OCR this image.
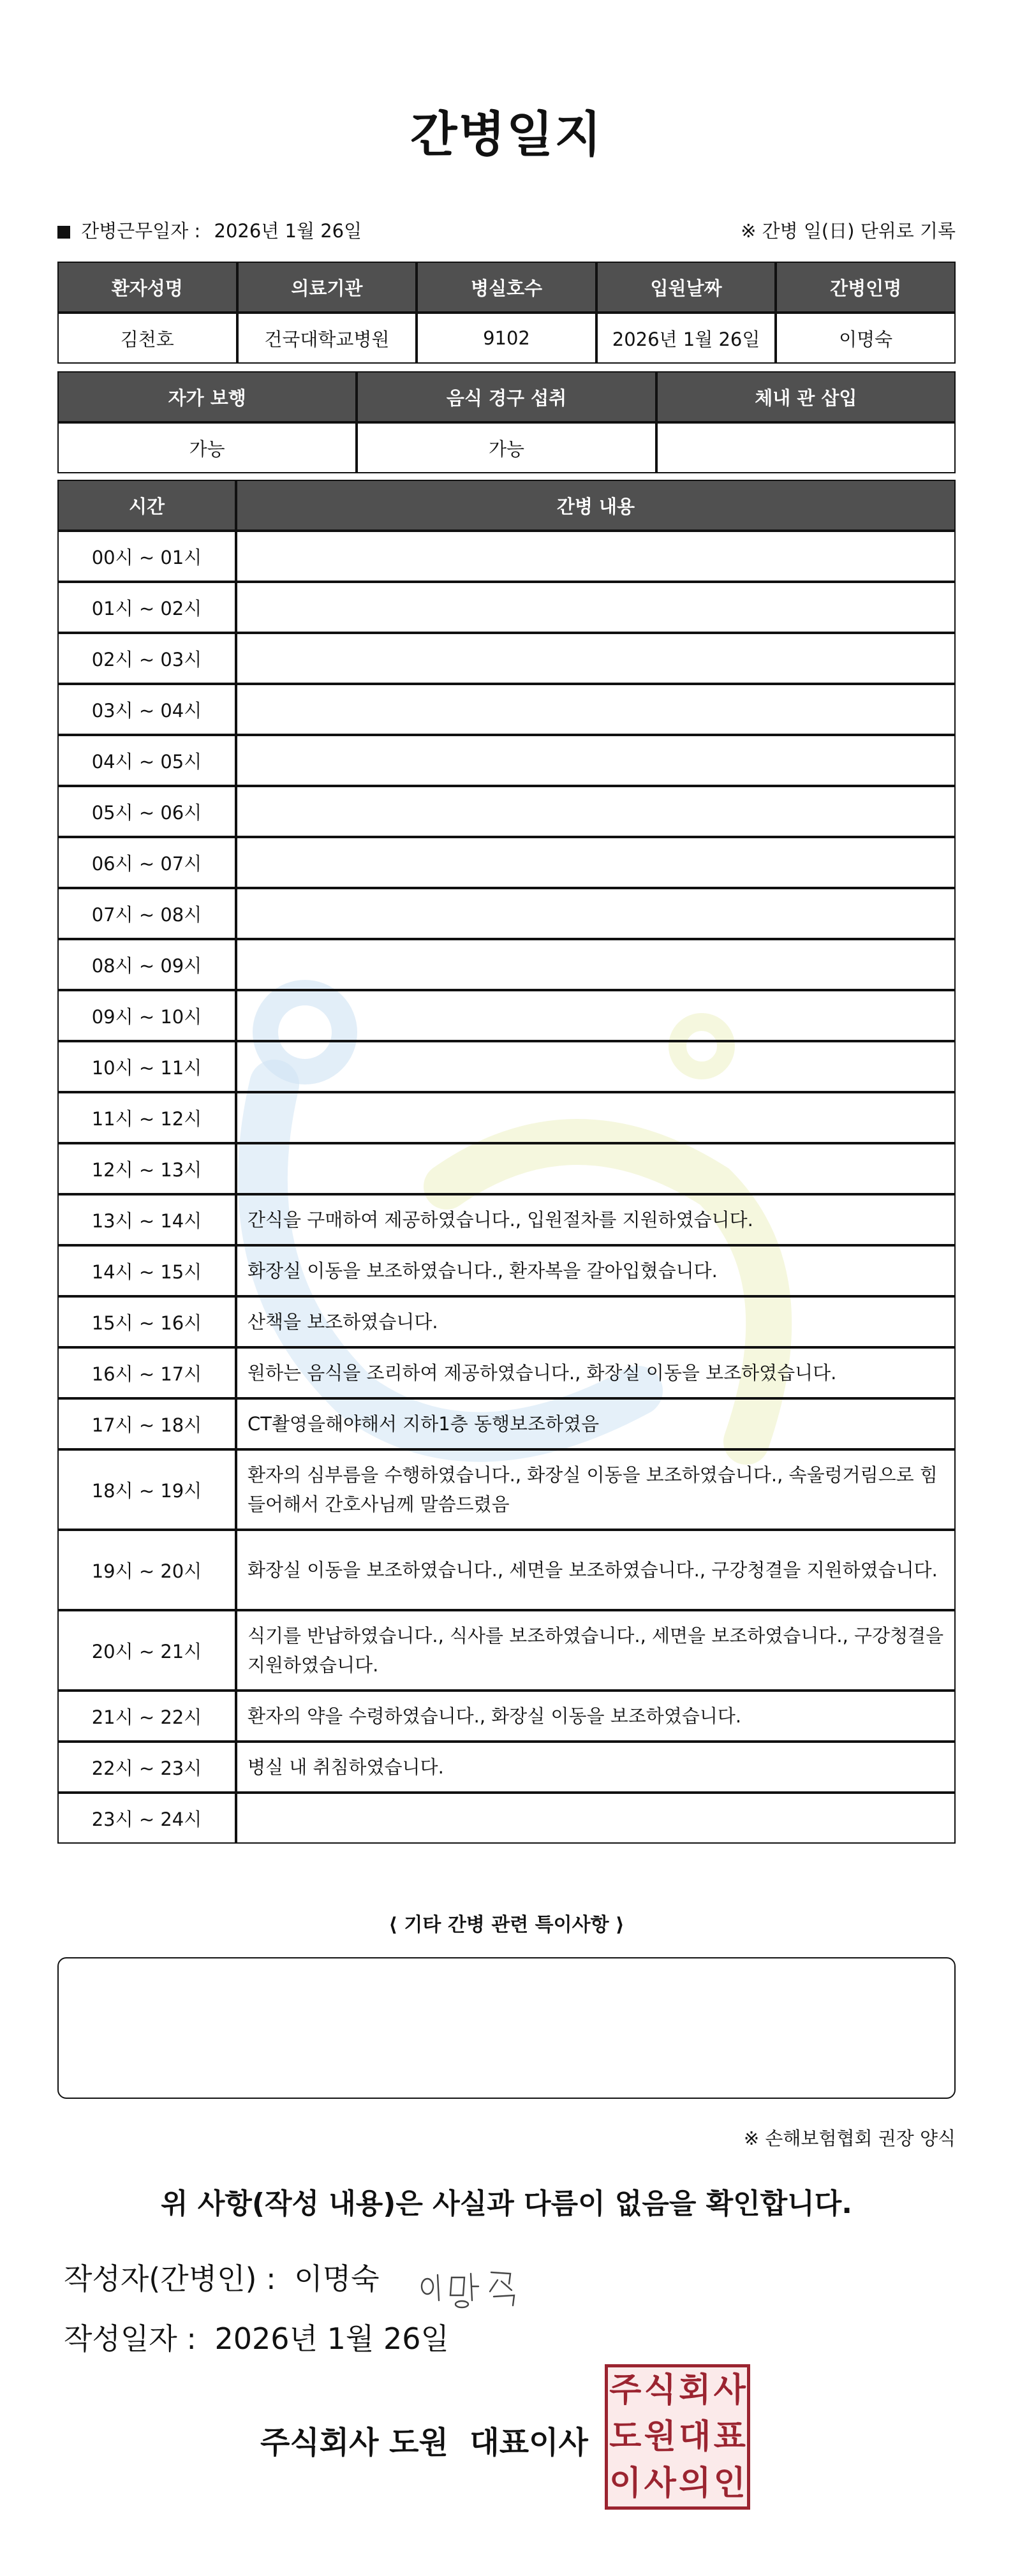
간병일지
간병근무일자 : 2026년 1월 26일	※ 간병 일(日) 단위로 기록
환자성명	의료기관	병실호수	입원날짜	간병인명
김천호	건국대학교병원	9102	2026년 1월 26일	이명숙
자가 보행	음식 경구 섭취	체내 관 삽입
가능	가능	
시간	간병 내용
00시 ~ 01시	
01시 ~ 02시	
02시 ~ 03시	
03시 ~ 04시	
04시 ~ 05시	
05시 ~ 06시	
06시 ~ 07시	
07시 ~ 08시	
08시 ~ 09시	
09시 ~ 10시	
10시 ~ 11시	
11시 ~ 12시	
12시 ~ 13시	
13시 ~ 14시	간식을 구매하여 제공하였습니다., 입원절차를 지원하였습니다.
14시 ~ 15시	화장실 이동을 보조하였습니다., 환자복을 갈아입혔습니다.
15시 ~ 16시	산책을 보조하였습니다.
16시 ~ 17시	원하는 음식을 조리하여 제공하였습니다., 화장실 이동을 보조하였습니다.
17시 ~ 18시	CT촬영을해야해서 지하1층 동행보조하였음
18시 ~ 19시	환자의 심부름을 수행하였습니다., 화장실 이동을 보조하였습니다., 속울렁거림으로 힘들어해서 간호사님께 말씀드렸음
19시 ~ 20시	화장실 이동을 보조하였습니다., 세면을 보조하였습니다., 구강청결을 지원하였습니다.
20시 ~ 21시	식기를 반납하였습니다., 식사를 보조하였습니다., 세면을 보조하였습니다., 구강청결을 지원하였습니다.
21시 ~ 22시	환자의 약을 수령하였습니다., 화장실 이동을 보조하였습니다.
22시 ~ 23시	병실 내 취침하였습니다.
23시 ~ 24시	
⟨ 기타 간병 관련 특이사항 ⟩
※ 손해보험협회 권장 양식
위 사항(작성 내용)은 사실과 다름이 없음을 확인합니다.
작성자(간병인) : 이명숙
작성일자 : 2026년 1월 26일
주식회사 도원  대표이사
주 식 회 사
도 원 대 표
이 사 의 인
